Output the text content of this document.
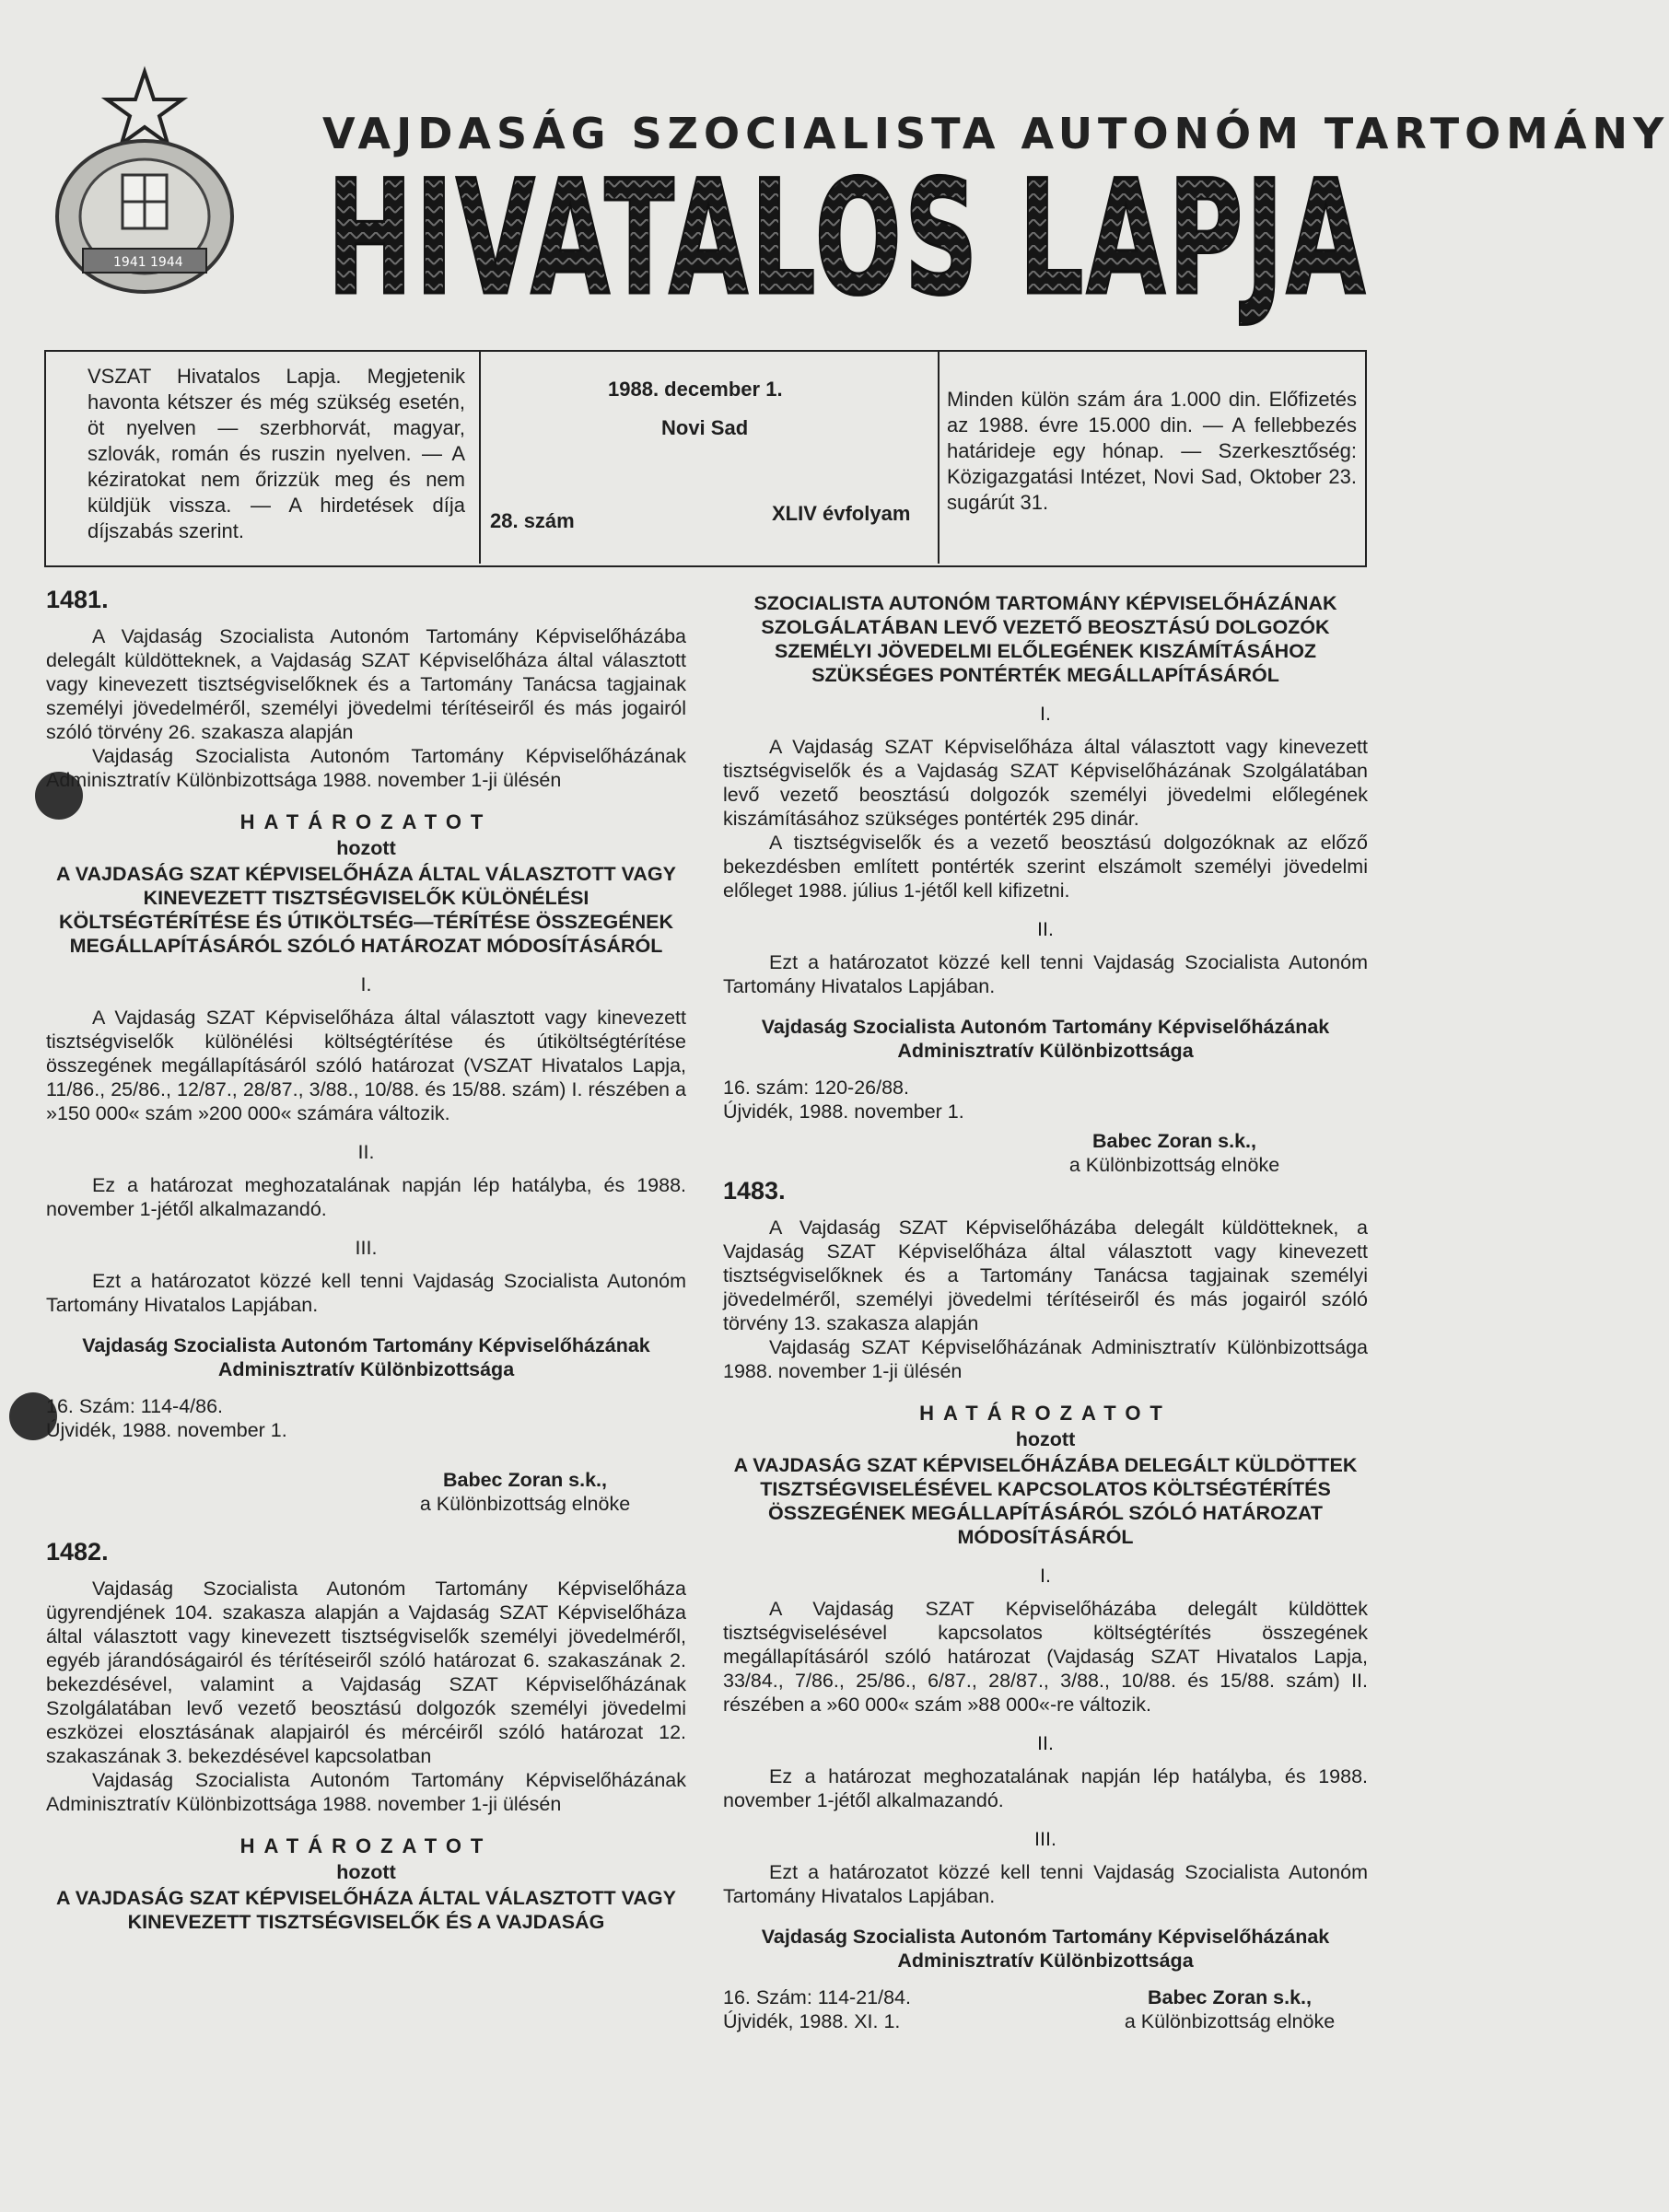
1941 1944
VAJDASÁG SZOCIALISTA AUTONÓM TARTOMÁNY
HIVATALOS LAPJA
VSZAT Hivatalos Lapja. Megjetenik havonta kétszer és még szükség esetén, öt nyelven — szerbhorvát, magyar, szlovák, román és ruszin nyelven. — A kéziratokat nem őrizzük meg és nem küldjük vissza. — A hirdetések díja díjszabás szerint.
1988. december 1.
Novi Sad
28. szám	XLIV évfolyam
Minden külön szám ára 1.000 din. Előfizetés az 1988. évre 15.000 din. — A fellebbezés határideje egy hónap. — Szerkesztőség: Közigazgatási Intézet, Novi Sad, Oktober 23. sugárút 31.
1481.

A Vajdaság Szocialista Autonóm Tartomány Képviselőházába delegált küldötteknek, a Vajdaság SZAT Képviselőháza által választott vagy kinevezett tisztségviselőknek és a Tartomány Tanácsa tagjainak személyi jövedelméről, személyi jövedelmi térítéseiről és más jogairól szóló törvény 26. szakasza alapján

Vajdaság Szocialista Autonóm Tartomány Képviselőházának Adminisztratív Különbizottsága 1988. november 1-ji ülésén

HATÁROZATOT

hozott

A VAJDASÁG SZAT KÉPVISELŐHÁZA ÁLTAL VÁLASZTOTT VAGY KINEVEZETT TISZTSÉGVISELŐK KÜLÖNÉLÉSI KÖLTSÉGTÉRÍTÉSE ÉS ÚTIKÖLTSÉG—TÉRÍTÉSE ÖSSZEGÉNEK MEGÁLLAPÍTÁSÁRÓL SZÓLÓ HATÁROZAT MÓDOSÍTÁSÁRÓL

I.

A Vajdaság SZAT Képviselőháza által választott vagy kinevezett tisztségviselők különélési költségtérítése és útiköltségtérítése összegének megállapításáról szóló határozat (VSZAT Hivatalos Lapja, 11/86., 25/86., 12/87., 28/87., 3/88., 10/88. és 15/88. szám) I. részében a »150 000« szám »200 000« számára változik.

II.

Ez a határozat meghozatalának napján lép hatályba, és 1988. november 1-jétől alkalmazandó.

III.

Ezt a határozatot közzé kell tenni Vajdaság Szocialista Autonóm Tartomány Hivatalos Lapjában.

Vajdaság Szocialista Autonóm Tartomány Képviselőházának Adminisztratív Különbizottsága

16. Szám: 114-4/86.

Újvidék, 1988. november 1.

Babec Zoran s.k.,

a Különbizottság elnöke

1482.

Vajdaság Szocialista Autonóm Tartomány Képviselőháza ügyrendjének 104. szakasza alapján a Vajdaság SZAT Képviselőháza által választott vagy kinevezett tisztségviselők személyi jövedelméről, egyéb járandóságairól és térítéseiről szóló határozat 6. szakaszának 2. bekezdésével, valamint a Vajdaság SZAT Képviselőházának Szolgálatában levő vezető beosztású dolgozók személyi jövedelmi eszközei elosztásának alapjairól és mércéiről szóló határozat 12. szakaszának 3. bekezdésével kapcsolatban

Vajdaság Szocialista Autonóm Tartomány Képviselőházának Adminisztratív Különbizottsága 1988. november 1-ji ülésén

HATÁROZATOT

hozott

A VAJDASÁG SZAT KÉPVISELŐHÁZA ÁLTAL VÁLASZTOTT VAGY KINEVEZETT TISZTSÉGVISELŐK ÉS A VAJDASÁG

SZOCIALISTA AUTONÓM TARTOMÁNY KÉPVISELŐHÁZÁNAK SZOLGÁLATÁBAN LEVŐ VEZETŐ BEOSZTÁSÚ DOLGOZÓK SZEMÉLYI JÖVEDELMI ELŐLEGÉNEK KISZÁMÍTÁSÁHOZ SZÜKSÉGES PONTÉRTÉK MEGÁLLAPÍTÁSÁRÓL

I.

A Vajdaság SZAT Képviselőháza által választott vagy kinevezett tisztségviselők és a Vajdaság SZAT Képviselőházának Szolgálatában levő vezető beosztású dolgozók személyi jövedelmi előlegének kiszámításához szükséges pontérték 295 dinár.

A tisztségviselők és a vezető beosztású dolgozóknak az előző bekezdésben említett pontérték szerint elszámolt személyi jövedelmi előleget 1988. július 1-jétől kell kifizetni.

II.

Ezt a határozatot közzé kell tenni Vajdaság Szocialista Autonóm Tartomány Hivatalos Lapjában.

Vajdaság Szocialista Autonóm Tartomány Képviselőházának Adminisztratív Különbizottsága

16. szám: 120-26/88.

Újvidék, 1988. november 1.

Babec Zoran s.k.,

a Különbizottság elnöke

1483.

A Vajdaság SZAT Képviselőházába delegált küldötteknek, a Vajdaság SZAT Képviselőháza által választott vagy kinevezett tisztségviselőknek és a Tartomány Tanácsa tagjainak személyi jövedelméről, személyi jövedelmi térítéseiről és más jogairól szóló törvény 13. szakasza alapján

Vajdaság SZAT Képviselőházának Adminisztratív Különbizottsága 1988. november 1-ji ülésén

HATÁROZATOT

hozott

A VAJDASÁG SZAT KÉPVISELŐHÁZÁBA DELEGÁLT KÜLDÖTTEK TISZTSÉGVISELÉSÉVEL KAPCSOLATOS KÖLTSÉGTÉRÍTÉS ÖSSZEGÉNEK MEGÁLLAPÍTÁSÁRÓL SZÓLÓ HATÁROZAT MÓDOSÍTÁSÁRÓL

I.

A Vajdaság SZAT Képviselőházába delegált küldöttek tisztségviselésével kapcsolatos költségtérítés összegének megállapításáról szóló határozat (Vajdaság SZAT Hivatalos Lapja, 33/84., 7/86., 25/86., 6/87., 28/87., 3/88., 10/88. és 15/88. szám) II. részében a »60 000« szám »88 000«-re változik.

II.

Ez a határozat meghozatalának napján lép hatályba, és 1988. november 1-jétől alkalmazandó.

III.

Ezt a határozatot közzé kell tenni Vajdaság Szocialista Autonóm Tartomány Hivatalos Lapjában.

Vajdaság Szocialista Autonóm Tartomány Képviselőházának Adminisztratív Különbizottsága

16. Szám: 114-21/84.

Újvidék, 1988. XI. 1.

Babec Zoran s.k.,

a Különbizottság elnöke
